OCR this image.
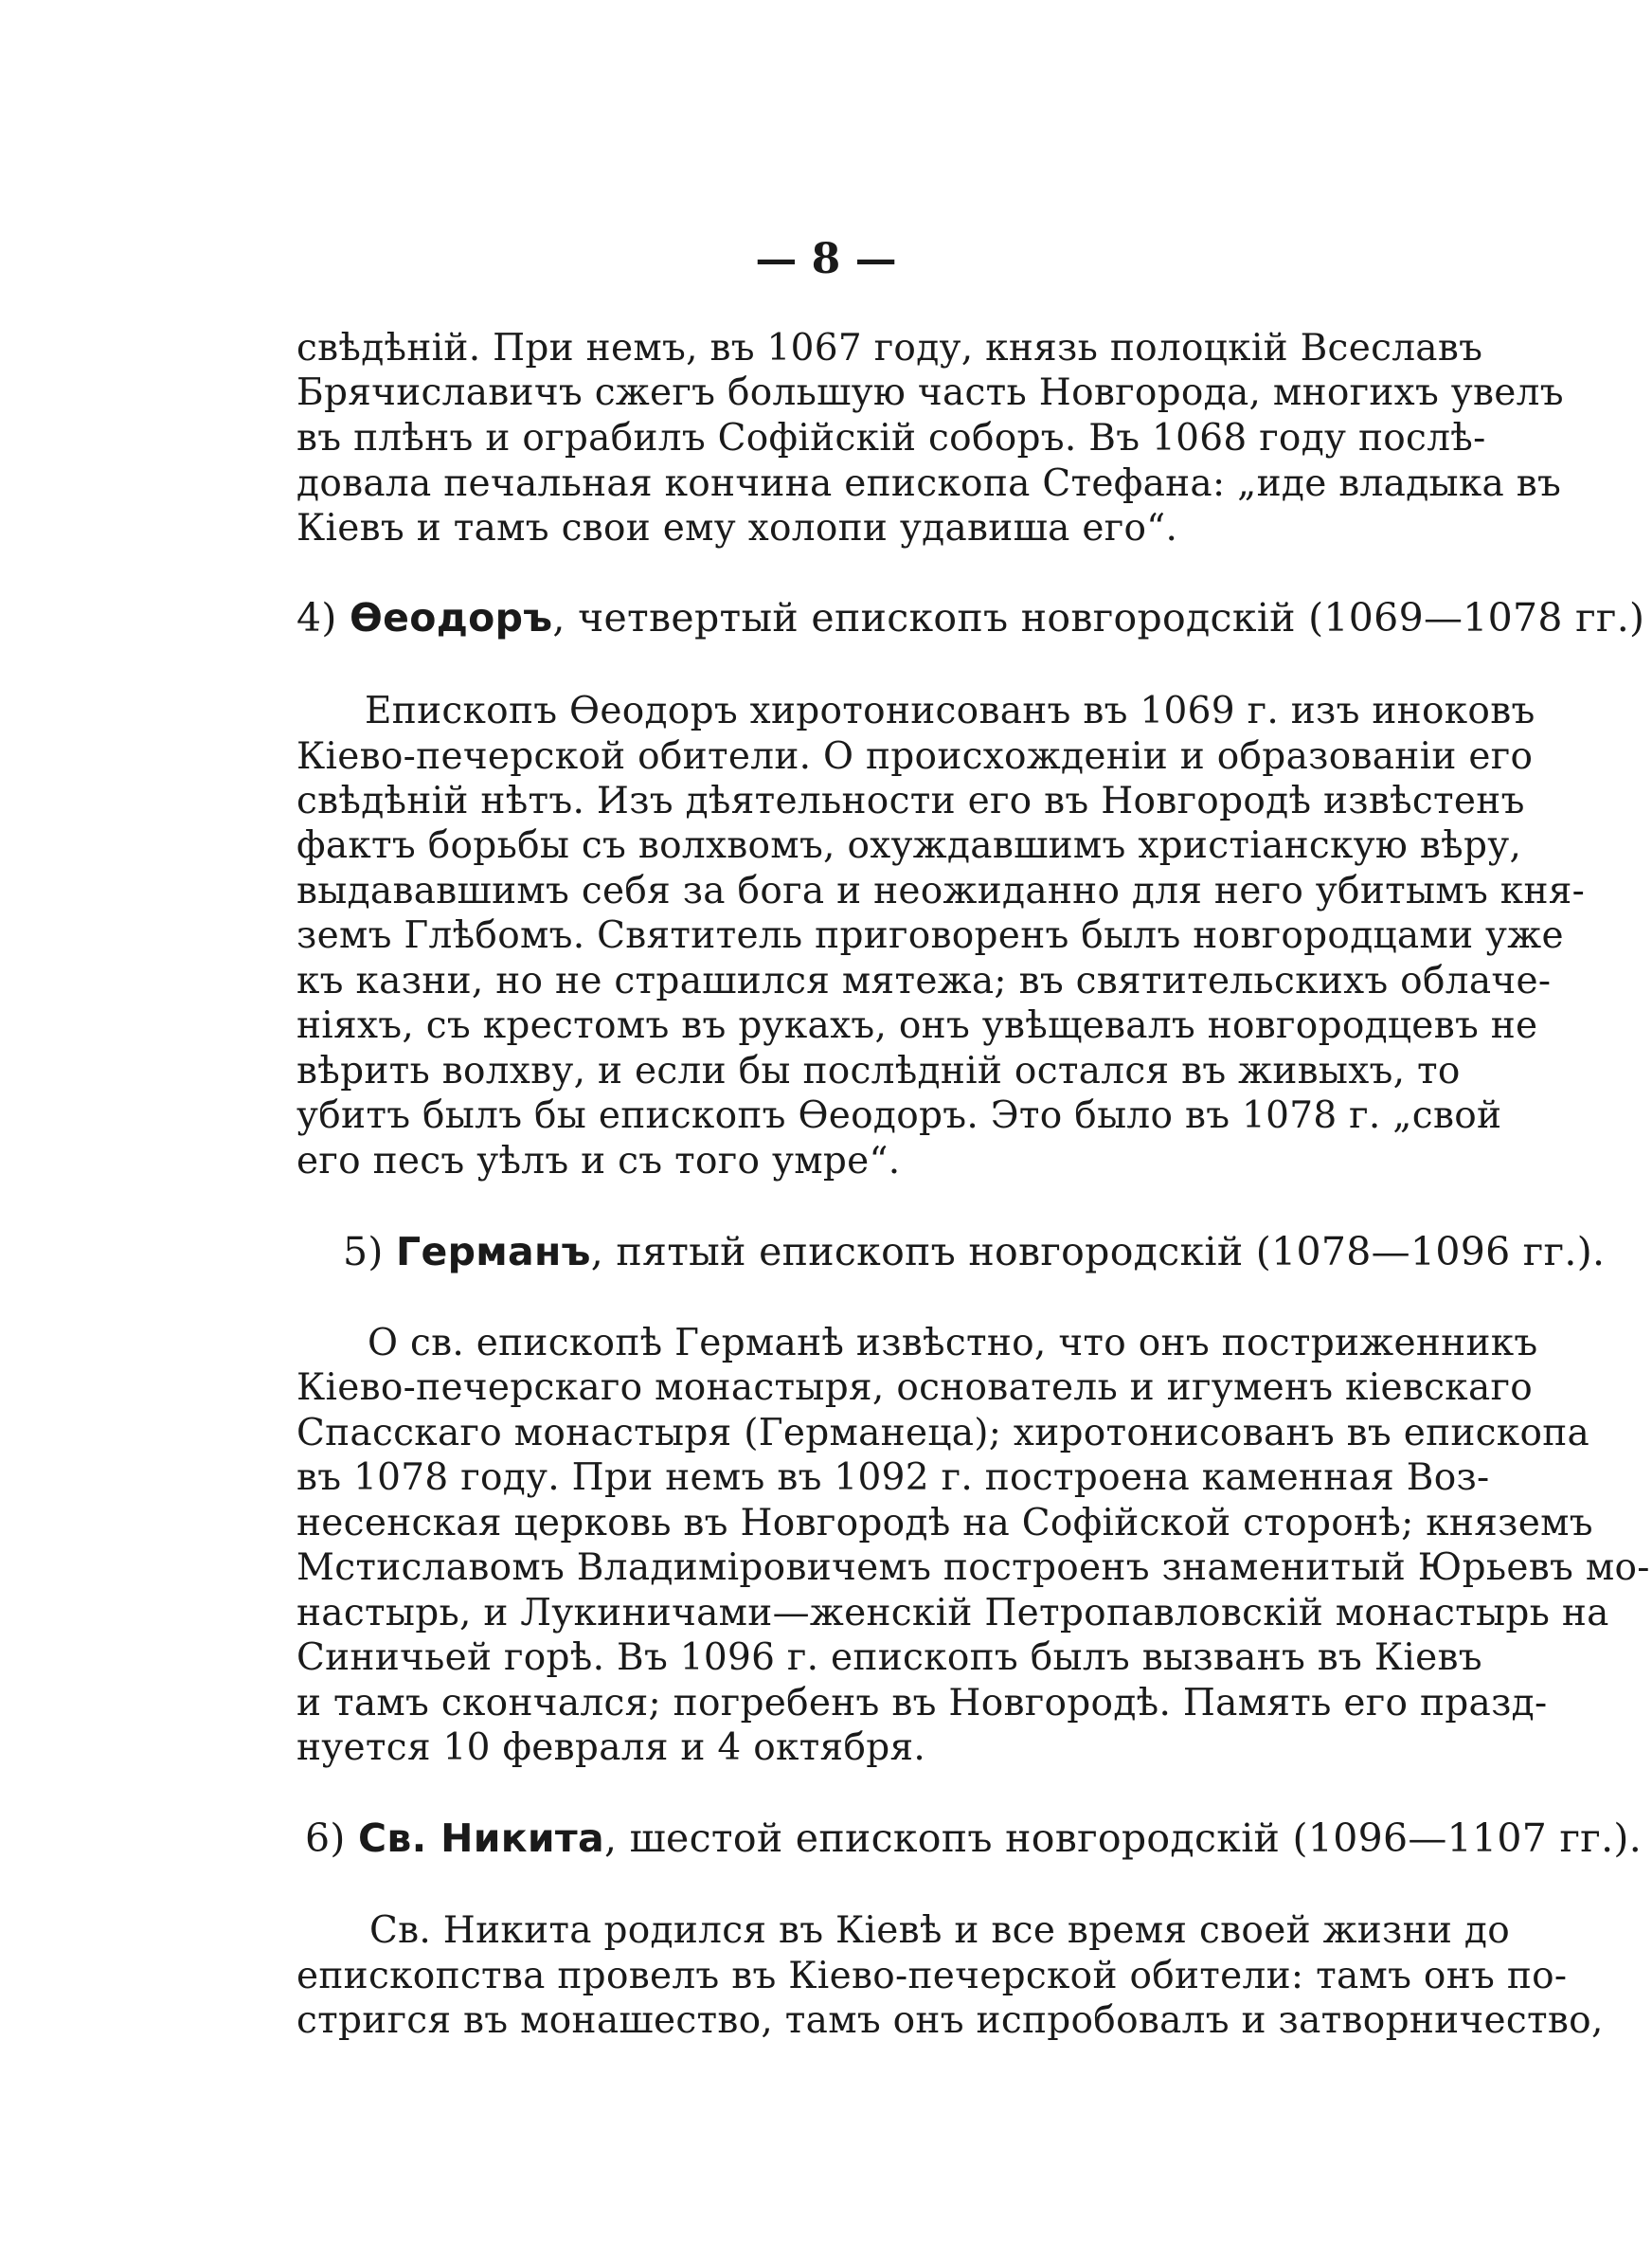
— 8 —
свѣдѣній. При немъ, въ 1067 году, князь полоцкій Всеславъ
Брячиславичъ сжегъ большую часть Новгорода, многихъ увелъ
въ плѣнъ и ограбилъ Софійскій соборъ. Въ 1068 году послѣ-
довала печальная кончина епископа Стефана: „иде владыка въ
Кіевъ и тамъ свои ему холопи удавиша его“.
4) Өеодоръ, четвертый епископъ новгородскій (1069—1078 гг.)
Епископъ Өеодоръ хиротонисованъ въ 1069 г. изъ иноковъ
Кіево-печерской обители. О происхожденіи и образованіи его
свѣдѣній нѣтъ. Изъ дѣятельности его въ Новгородѣ извѣстенъ
фактъ борьбы съ волхвомъ, охуждавшимъ христіанскую вѣру,
выдававшимъ себя за бога и неожиданно для него убитымъ кня-
земъ Глѣбомъ. Святитель приговоренъ былъ новгородцами уже
къ казни, но не страшился мятежа; въ святительскихъ облаче-
ніяхъ, съ крестомъ въ рукахъ, онъ увѣщевалъ новгородцевъ не
вѣрить волхву, и если бы послѣдній остался въ живыхъ, то
убитъ былъ бы епископъ Өеодоръ. Это было въ 1078 г. „свой
его песъ уѣлъ и съ того умре“.
5) Германъ, пятый епископъ новгородскій (1078—1096 гг.).
О св. епископѣ Германѣ извѣстно, что онъ постриженникъ
Кіево-печерскаго монастыря, основатель и игуменъ кіевскаго
Спасскаго монастыря (Германеца); хиротонисованъ въ епископа
въ 1078 году. При немъ въ 1092 г. построена каменная Воз-
несенская церковь въ Новгородѣ на Софійской сторонѣ; княземъ
Мстиславомъ Владиміровичемъ построенъ знаменитый Юрьевъ мо-
настырь, и Лукиничами—женскій Петропавловскій монастырь на
Синичьей горѣ. Въ 1096 г. епископъ былъ вызванъ въ Кіевъ
и тамъ скончался; погребенъ въ Новгородѣ. Память его празд-
нуется 10 февраля и 4 октября.
6) Св. Никита, шестой епископъ новгородскій (1096—1107 гг.).
Св. Никита родился въ Кіевѣ и все время своей жизни до
епископства провелъ въ Кіево-печерской обители: тамъ онъ по-
стригся въ монашество, тамъ онъ испробовалъ и затворничество,
